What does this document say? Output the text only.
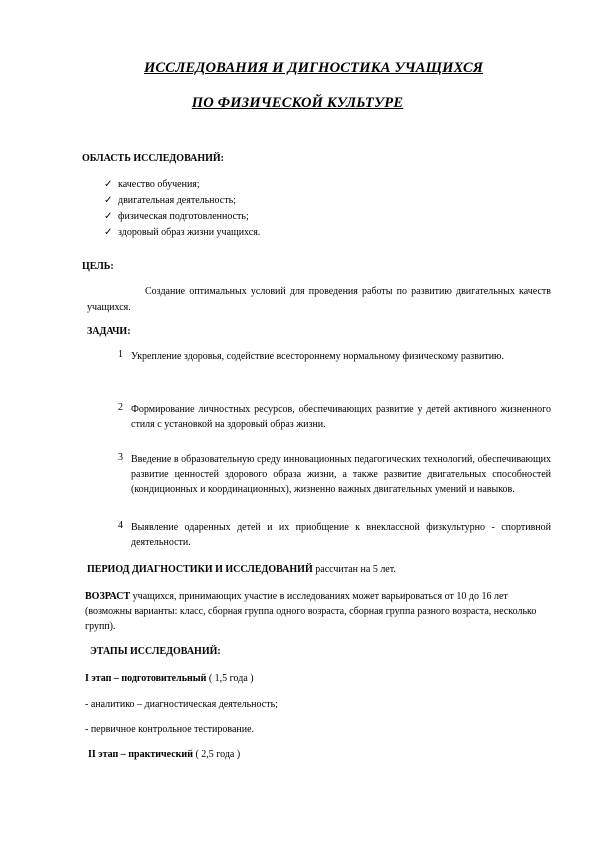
ИССЛЕДОВАНИЯ И ДИГНОСТИКА УЧАЩИХСЯ
ПО ФИЗИЧЕСКОЙ КУЛЬТУРЕ
ОБЛАСТЬ ИССЛЕДОВАНИЙ:
✓ качество обучения;
✓ двигательная деятельность;
✓ физическая подготовленность;
✓ здоровый образ жизни учащихся.
ЦЕЛЬ:
Создание оптимальных условий для проведения работы по развитию двигательных качеств учащихся.
ЗАДАЧИ:
1 Укрепление здоровья, содействие всестороннему нормальному физическому развитию.
2 Формирование личностных ресурсов, обеспечивающих развитие у детей активного жизненного стиля с установкой на здоровый образ жизни.
3 Введение в образовательную среду инновационных педагогических технологий, обеспечивающих развитие ценностей здорового образа жизни, а также развитие двигательных способностей (кондиционных и координационных), жизненно важных двигательных умений и навыков.
4 Выявление одаренных детей и их приобщение к внеклассной физкультурно - спортивной деятельности.
ПЕРИОД ДИАГНОСТИКИ И ИССЛЕДОВАНИЙ рассчитан на 5 лет.
ВОЗРАСТ учащихся, принимающих участие в исследованиях может варьироваться от 10 до 16 лет (возможны варианты: класс, сборная группа одного возраста, сборная группа разного возраста, несколько групп).
ЭТАПЫ ИССЛЕДОВАНИЙ:
I этап – подготовительный ( 1,5 года )
- аналитико – диагностическая деятельность;
- первичное контрольное тестирование.
II этап – практический ( 2,5 года )
